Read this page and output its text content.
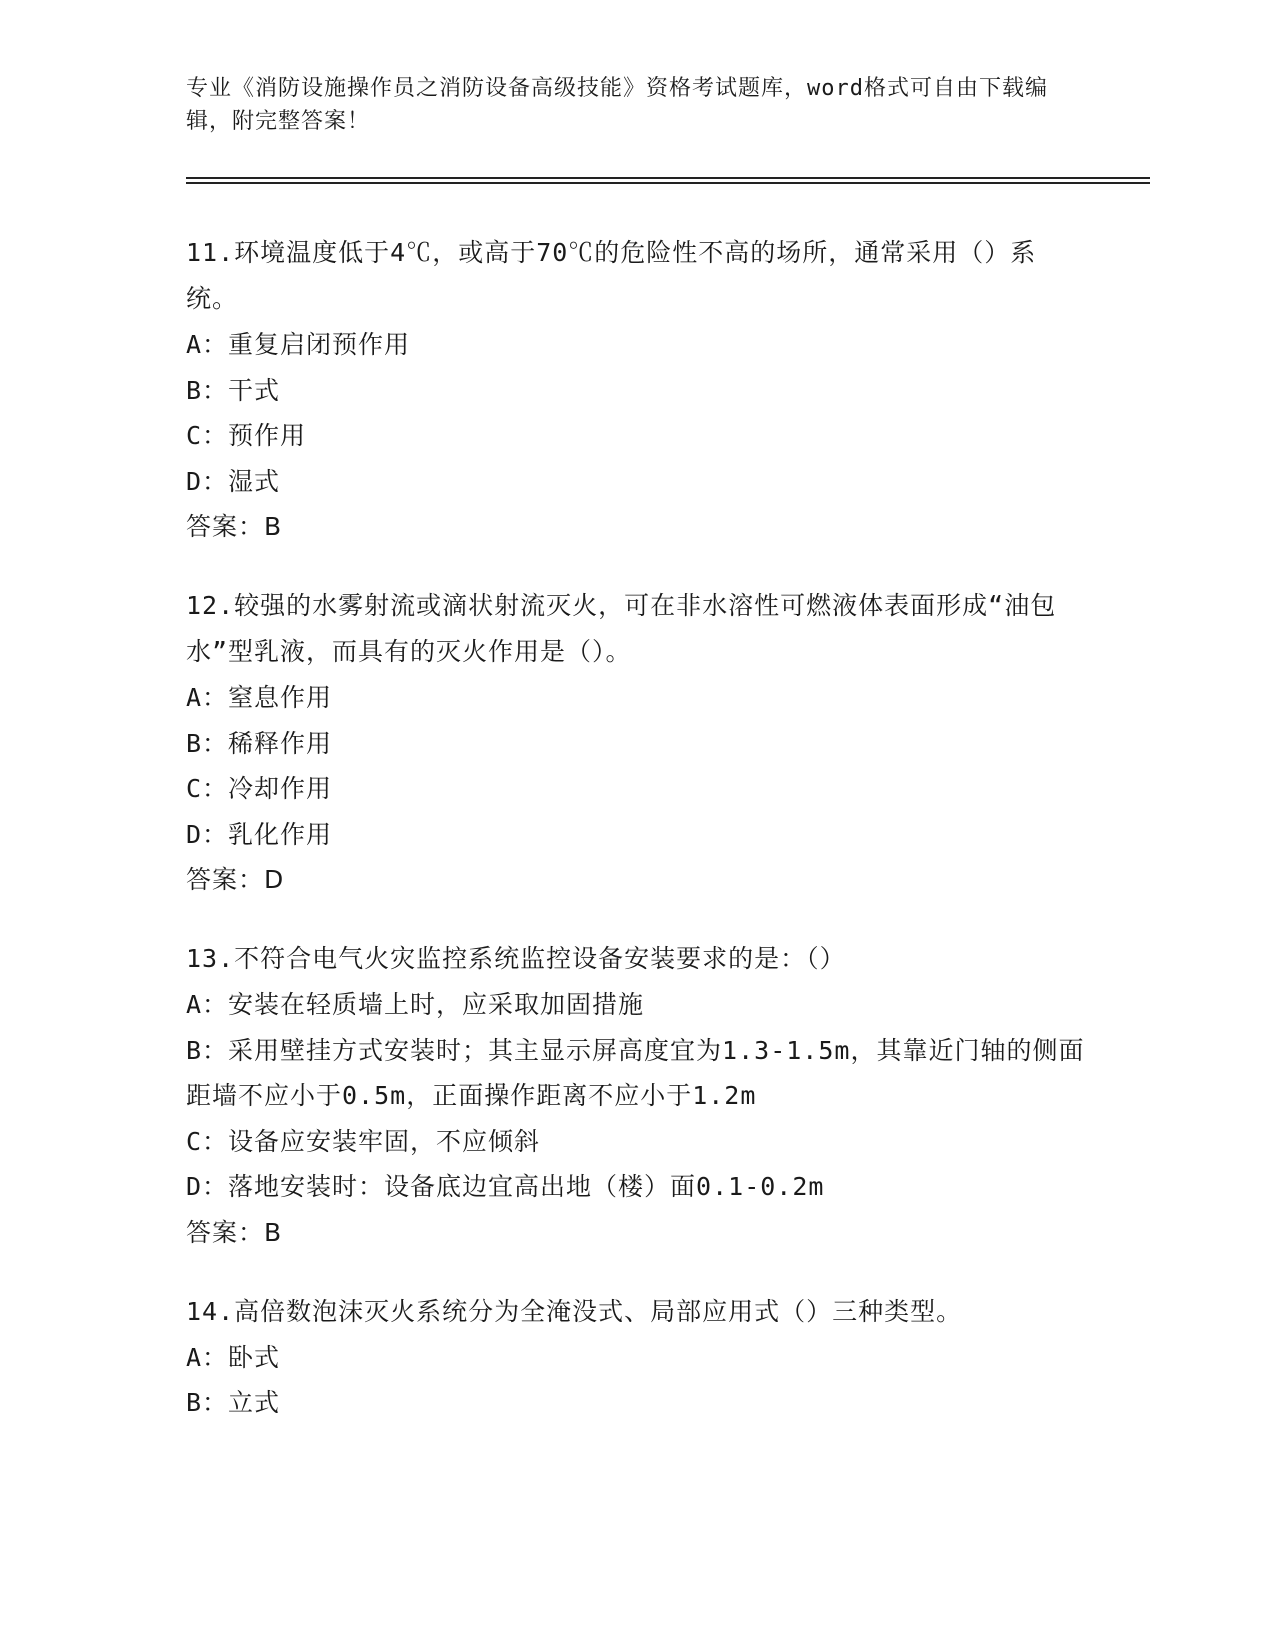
专业《消防设施操作员之消防设备高级技能》资格考试题库，word格式可自由下载编辑，附完整答案！
11.环境温度低于4℃，或高于70℃的危险性不高的场所，通常采用（）系统。
A：重复启闭预作用
B：干式
C：预作用
D：湿式
答案：B
12.较强的水雾射流或滴状射流灭火，可在非水溶性可燃液体表面形成“油包水”型乳液，而具有的灭火作用是（）。
A：窒息作用
B：稀释作用
C：冷却作用
D：乳化作用
答案：D
13.不符合电气火灾监控系统监控设备安装要求的是：（）
A：安装在轻质墙上时，应采取加固措施
B：采用壁挂方式安装时；其主显示屏高度宜为1.3-1.5m，其靠近门轴的侧面距墙不应小于0.5m，正面操作距离不应小于1.2m
C：设备应安装牢固，不应倾斜
D：落地安装时：设备底边宜高出地（楼）面0.1-0.2m
答案：B
14.高倍数泡沫灭火系统分为全淹没式、局部应用式（）三种类型。
A：卧式
B：立式
